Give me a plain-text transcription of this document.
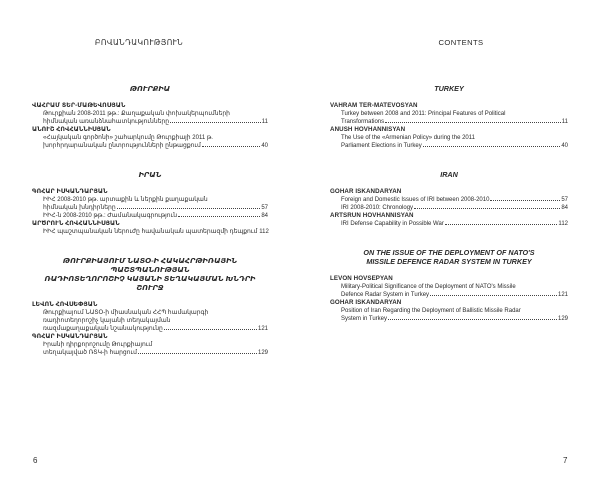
ԲՈՎԱՆԴԱԿՈՒԹՅՈՒՆ
ԹՈՒՐՔԻԱ
ՎԱՀՐԱՄ ՏԵՐ-ՄԱԹԵՎՈՍՅԱՆ
Թուրքիան 2008-2011 թթ.: Քաղաքական փոխակերպումների
հիմնական առանձնահատկությունները	11
ԱՆՈՒՇ ՀՈՎՀԱՆՆԻՍՅԱՆ
«Հայկական գործոնի» շահարկումը Թուրքիայի 2011 թ.
խորհրդարանական ընտրությունների ընթացքում	40
ԻՐԱՆ
ԳՈՀԱՐ ԻՍԿԱՆԴԱՐՅԱՆ
ԻԻՀ 2008-2010 թթ. արտաքին և ներքին քաղաքական
հիմնական խնդիրները	57
ԻԻՀ-ն 2008-2010 թթ.: Ժամանակագրություն	84
ԱՐԾՐՈՒՆ ՀՈՎՀԱՆՆԻՍՅԱՆ
ԻԻՀ պաշտպանական ներուժը հավանական պատերազմի դեպքում 112
ԹՈՒՐՔԻԱՅՈՒՄ ՆԱՏՕ-Ի ՀԱԿԱՀՐԹԻՌԱՅԻՆ ՊԱՇՏՊԱՆՈՒԹՅԱՆ
ՌԱԴԻՈՏԵՂՈՐՈՇԻՉ ԿԱՅԱՆԻ ՏԵՂԱԿԱՅՄԱՆ ԽՆԴՐԻ ՇՈՒՐՋ
ԼԵՎՈՆ ՀՈՎՍԵՓՅԱՆ
Թուրքիայում ՆԱՏՕ-ի միասնական ՀՀՊ համակարգի
ռադիոտեղորոշիչ կայանի տեղակայման
ռազմաքաղաքական նշանակությունը	121
ԳՈՀԱՐ ԻՍԿԱՆԴԱՐՅԱՆ
Իրանի դիրքորոշումը Թուրքիայում
տեղակայված ՌՏԿ-ի հարցում	129
6
CONTENTS
TURKEY
VAHRAM TER-MATEVOSYAN
Turkey between 2008 and 2011: Principal Features of Political
Transformations	11
ANUSH HOVHANNISYAN
The Use of the «Armenian Policy» during the 2011
Parliament Elections in Turkey	40
IRAN
GOHAR ISKANDARYAN
Foreign and Domestic Issues of IRI between 2008-2010	57
IRI 2008-2010: Chronology	84
ARTSRUN HOVHANNISYAN
IRI Defense Capability in Possible War	112
ON THE ISSUE OF THE DEPLOYMENT OF NATO'S
MISSILE DEFENCE RADAR SYSTEM IN TURKEY
LEVON HOVSEPYAN
Military-Political Significance of the Deployment of NATO's Missile
Defence Radar System in Turkey	121
GOHAR ISKANDARYAN
Position of Iran Regarding the Deployment of Ballistic Missile Radar
System in Turkey	129
7
